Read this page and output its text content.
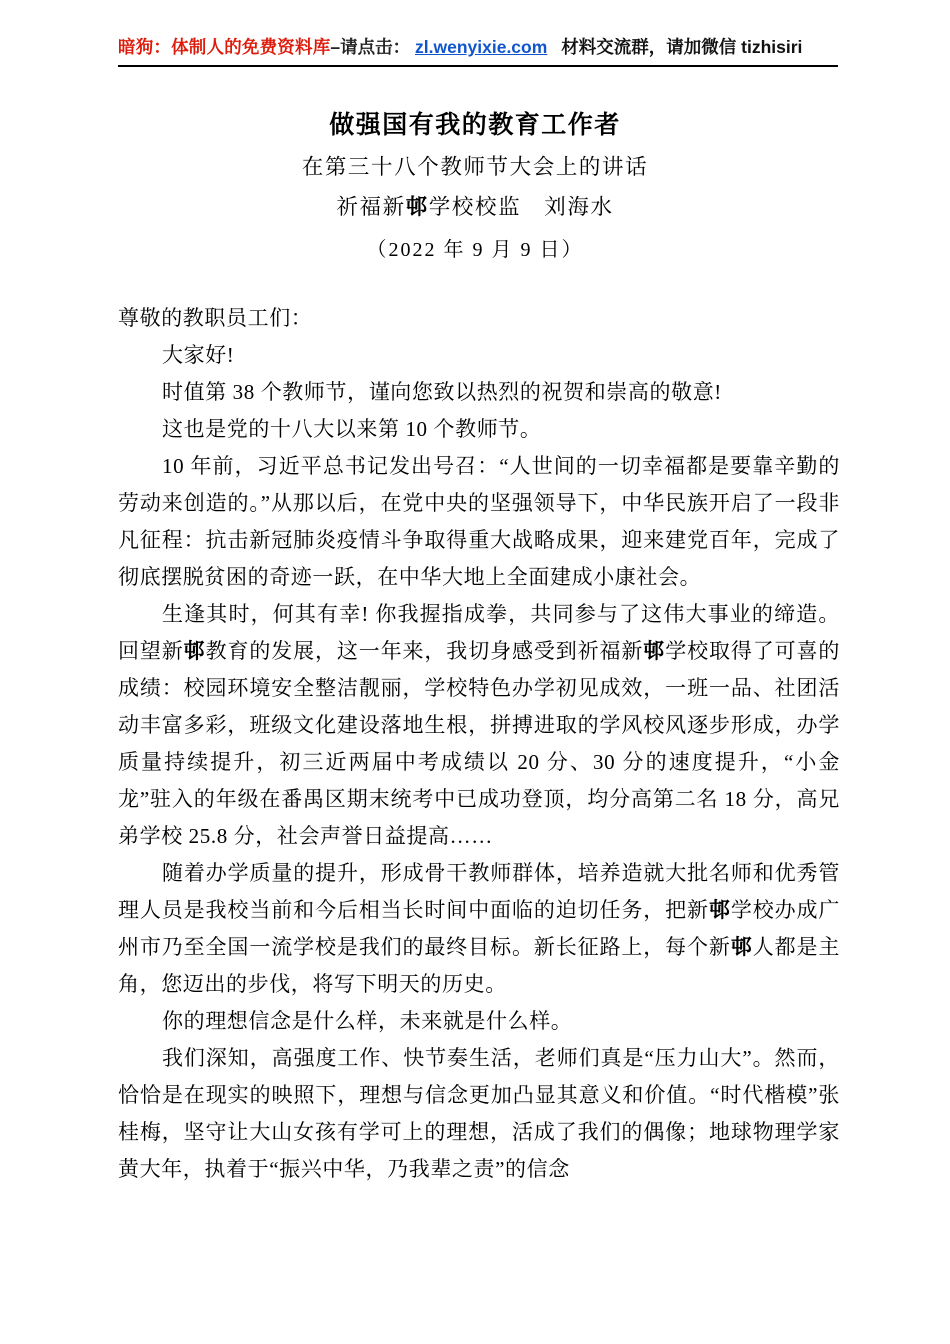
暗狗：体制人的免费资料库–请点击： zl.wenyixie.com 材料交流群，请加微信 tizhisiri
做强国有我的教育工作者

在第三十八个教师节大会上的讲话

祈福新邨学校校监　刘海水

（2022 年 9 月 9 日）

尊敬的教职员工们：

大家好!

时值第 38 个教师节，谨向您致以热烈的祝贺和崇高的敬意!

这也是党的十八大以来第 10 个教师节。

10 年前，习近平总书记发出号召：“人世间的一切幸福都是要靠辛勤的劳动来创造的。”从那以后，在党中央的坚强领导下，中华民族开启了一段非凡征程：抗击新冠肺炎疫情斗争取得重大战略成果，迎来建党百年，完成了彻底摆脱贫困的奇迹一跃，在中华大地上全面建成小康社会。

生逢其时，何其有幸! 你我握指成拳，共同参与了这伟大事业的缔造。回望新邨教育的发展，这一年来，我切身感受到祈福新邨学校取得了可喜的成绩：校园环境安全整洁靓丽，学校特色办学初见成效，一班一品、社团活动丰富多彩，班级文化建设落地生根，拼搏进取的学风校风逐步形成，办学质量持续提升，初三近两届中考成绩以 20 分、30 分的速度提升，“小金龙”驻入的年级在番禺区期末统考中已成功登顶，均分高第二名 18 分，高兄弟学校 25.8 分，社会声誉日益提高……

随着办学质量的提升，形成骨干教师群体，培养造就大批名师和优秀管理人员是我校当前和今后相当长时间中面临的迫切任务，把新邨学校办成广州市乃至全国一流学校是我们的最终目标。新长征路上，每个新邨人都是主角，您迈出的步伐，将写下明天的历史。

你的理想信念是什么样，未来就是什么样。

我们深知，高强度工作、快节奏生活，老师们真是“压力山大”。然而，恰恰是在现实的映照下，理想与信念更加凸显其意义和价值。“时代楷模”张桂梅，坚守让大山女孩有学可上的理想，活成了我们的偶像；地球物理学家黄大年，执着于“振兴中华，乃我辈之责”的信念
